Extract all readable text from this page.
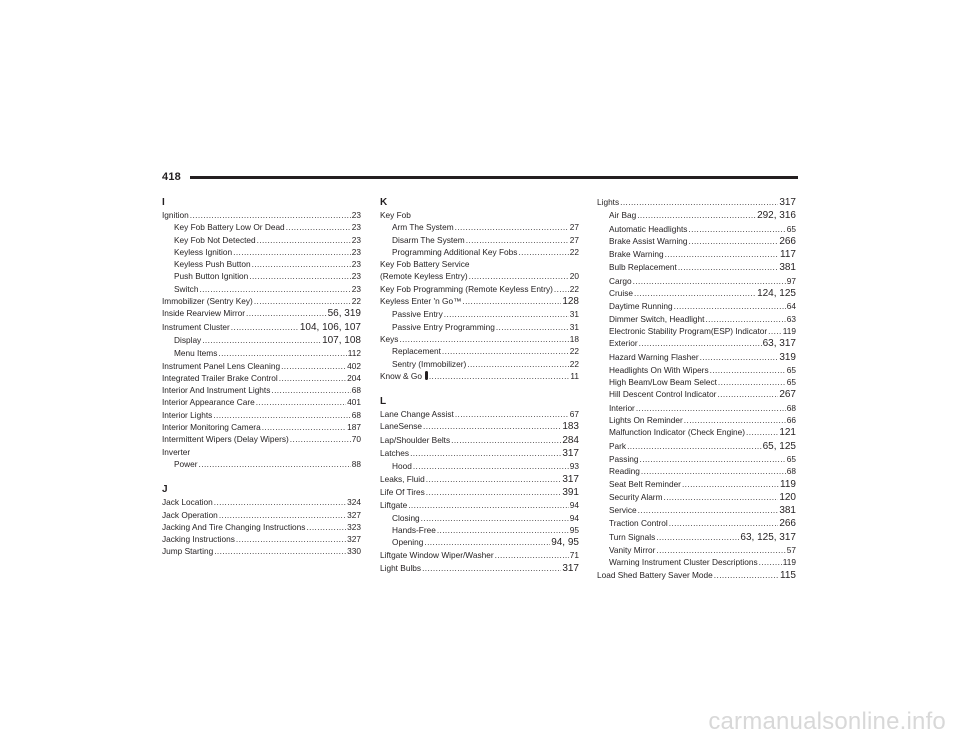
418
I
Ignition .....	23
Key Fob Battery Low Or Dead .....	23
Key Fob Not Detected .....	23
Keyless Ignition .....	23
Keyless Push Button .....	23
Push Button Ignition .....	23
Switch .....	23
Immobilizer (Sentry Key) .....	22
Inside Rearview Mirror .....	56, 319
Instrument Cluster .....	104, 106, 107
Display .....	107, 108
Menu Items .....	112
Instrument Panel Lens Cleaning .....	402
Integrated Trailer Brake Control .....	204
Interior And Instrument Lights .....	68
Interior Appearance Care .....	401
Interior Lights .....	68
Interior Monitoring Camera .....	187
Intermittent Wipers (Delay Wipers) .....	70
Inverter
Power .....	88
J
Jack Location .....	324
Jack Operation .....	327
Jacking And Tire Changing Instructions .....	323
Jacking Instructions .....	327
Jump Starting .....	330
K
Key Fob
Arm The System .....	27
Disarm The System .....	27
Programming Additional Key Fobs .....	22
Key Fob Battery Service
(Remote Keyless Entry) .....	20
Key Fob Programming (Remote Keyless Entry) ..... 22
Keyless Enter 'n Go™ .....	128
Passive Entry .....	31
Passive Entry Programming .....	31
Keys .....	18
Replacement .....	22
Sentry (Immobilizer) .....	22
Know & Go .....	11
L
Lane Change Assist .....	67
LaneSense .....	183
Lap/Shoulder Belts .....	284
Latches .....	317
Hood .....	93
Leaks, Fluid .....	317
Life Of Tires .....	391
Liftgate .....	94
Closing .....	94
Hands-Free .....	95
Opening .....	94, 95
Liftgate Window Wiper/Washer .....	71
Light Bulbs .....	317
Lights .....	317
Air Bag .....	292, 316
Automatic Headlights .....	65
Brake Assist Warning .....	266
Brake Warning .....	117
Bulb Replacement .....	381
Cargo .....	97
Cruise .....	124, 125
Daytime Running .....	64
Dimmer Switch, Headlight .....	63
Electronic Stability Program(ESP) Indicator ..... 119
Exterior .....	63, 317
Hazard Warning Flasher .....	319
Headlights On With Wipers .....	65
High Beam/Low Beam Select .....	65
Hill Descent Control Indicator .....	267
Interior .....	68
Lights On Reminder .....	66
Malfunction Indicator (Check Engine) .....	121
Park .....	65, 125
Passing .....	65
Reading .....	68
Seat Belt Reminder .....	119
Security Alarm .....	120
Service .....	381
Traction Control .....	266
Turn Signals .....	63, 125, 317
Vanity Mirror .....	57
Warning Instrument Cluster Descriptions .....	119
Load Shed Battery Saver Mode .....	115
carmanualsonline.info
